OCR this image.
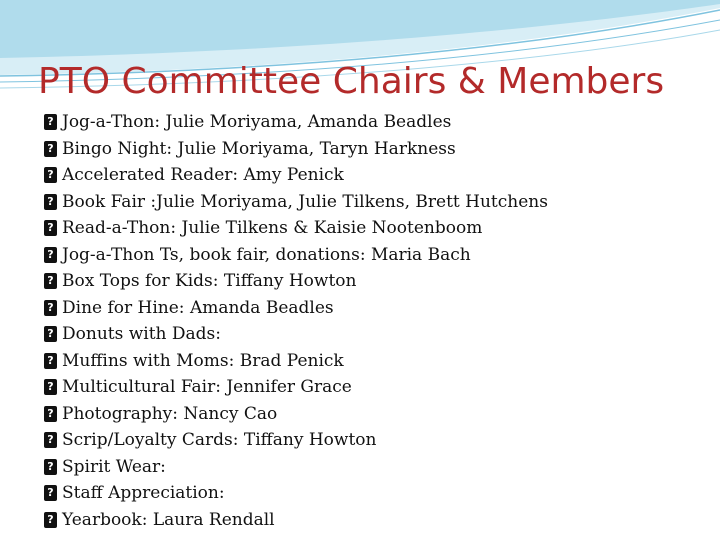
PTO Committee Chairs & Members
?
Jog-a-Thon: Julie Moriyama, Amanda Beadles
?
Bingo Night: Julie Moriyama, Taryn Harkness
?
Accelerated Reader: Amy Penick
?
Book Fair :Julie Moriyama, Julie Tilkens, Brett Hutchens
?
Read-a-Thon: Julie Tilkens & Kaisie Nootenboom
?
Jog-a-Thon Ts, book fair, donations: Maria Bach
?
Box Tops for Kids: Tiffany Howton
?
Dine for Hine: Amanda Beadles
?
Donuts with Dads:
?
Muffins with Moms: Brad Penick
?
Multicultural Fair: Jennifer Grace
?
Photography: Nancy Cao
?
Scrip/Loyalty Cards: Tiffany Howton
?
Spirit Wear:
?
Staff Appreciation:
?
Yearbook: Laura Rendall
